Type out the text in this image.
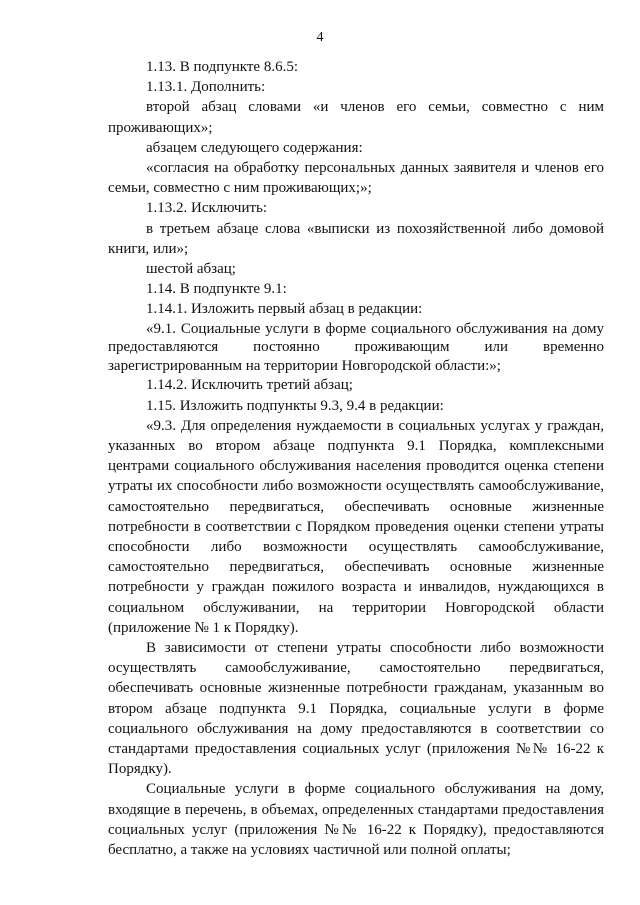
4

1.13. В подпункте 8.6.5:

1.13.1. Дополнить:

второй абзац словами «и членов его семьи, совместно с ним проживающих»;

абзацем следующего содержания:

«согласия на обработку персональных данных заявителя и членов его семьи, совместно с ним проживающих;»;

1.13.2. Исключить:

в третьем абзаце слова «выписки из похозяйственной либо домовой книги, или»;

шестой абзац;

1.14. В подпункте 9.1:

1.14.1. Изложить первый абзац в редакции:

«9.1. Социальные услуги в форме социального обслуживания на дому предоставляются постоянно проживающим или временно зарегистрированным на территории Новгородской области:»;

1.14.2. Исключить третий абзац;

1.15. Изложить подпункты 9.3, 9.4 в редакции:

«9.3. Для определения нуждаемости в социальных услугах у граждан, указанных во втором абзаце подпункта 9.1 Порядка, комплексными центрами социального обслуживания населения проводится оценка степени утраты их способности либо возможности осуществлять самообслуживание, самостоятельно передвигаться, обеспечивать основные жизненные потребности в соответствии с Порядком проведения оценки степени утраты способности либо возможности осуществлять самообслуживание, самостоятельно передвигаться, обеспечивать основные жизненные потребности у граждан пожилого возраста и инвалидов, нуждающихся в социальном обслуживании, на территории Новгородской области (приложение № 1 к Порядку).

В зависимости от степени утраты способности либо возможности осуществлять самообслуживание, самостоятельно передвигаться, обеспечивать основные жизненные потребности гражданам, указанным во втором абзаце подпункта 9.1 Порядка, социальные услуги в форме социального обслуживания на дому предоставляются в соответствии со стандартами предоставления социальных услуг (приложения №№ 16-22 к Порядку).

Социальные услуги в форме социального обслуживания на дому, входящие в перечень, в объемах, определенных стандартами предоставления социальных услуг (приложения №№ 16-22 к Порядку), предоставляются бесплатно, а также на условиях частичной или полной оплаты;
